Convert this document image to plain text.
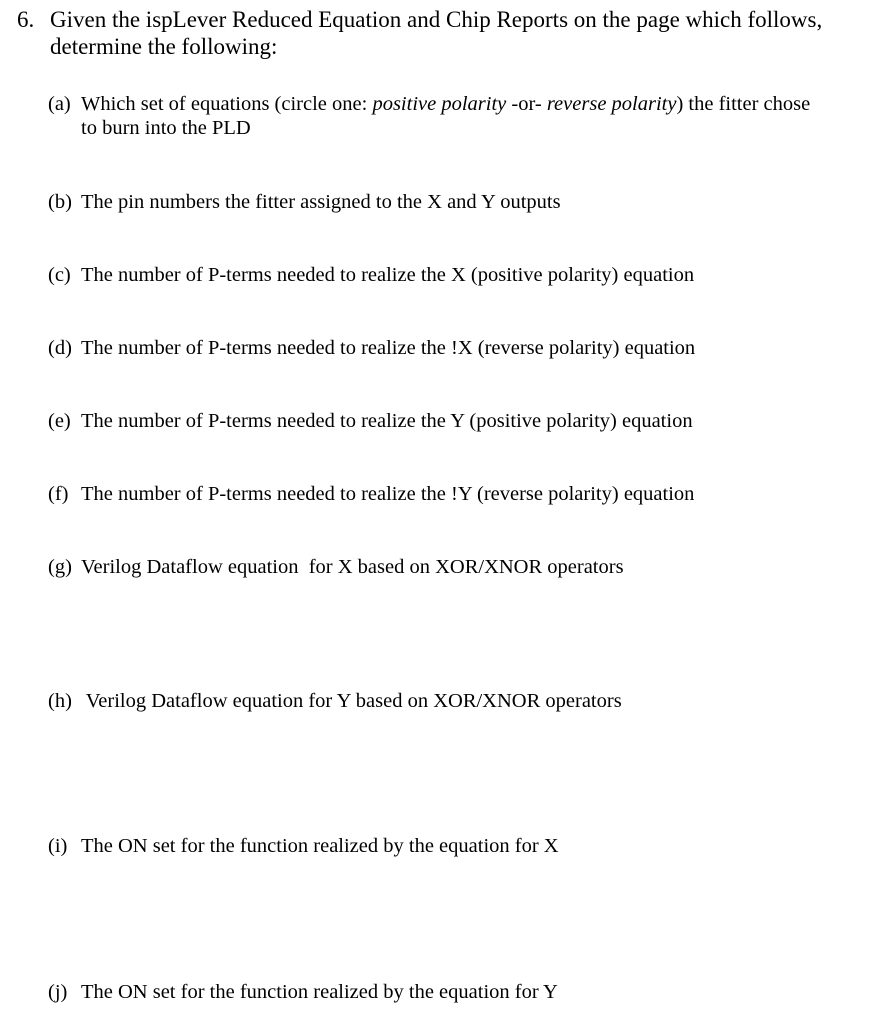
6. Given the ispLever Reduced Equation and Chip Reports on the page which follows, determine the following:
(a) Which set of equations (circle one: positive polarity -or- reverse polarity) the fitter chose
to burn into the PLD
(b) The pin numbers the fitter assigned to the X and Y outputs
(c) The number of P-terms needed to realize the X (positive polarity) equation
(d) The number of P-terms needed to realize the !X (reverse polarity) equation
(e) The number of P-terms needed to realize the Y (positive polarity) equation
(f) The number of P-terms needed to realize the !Y (reverse polarity) equation
(g) Verilog Dataflow equation  for X based on XOR/XNOR operators
(h) Verilog Dataflow equation for Y based on XOR/XNOR operators
(i) The ON set for the function realized by the equation for X
(j) The ON set for the function realized by the equation for Y
